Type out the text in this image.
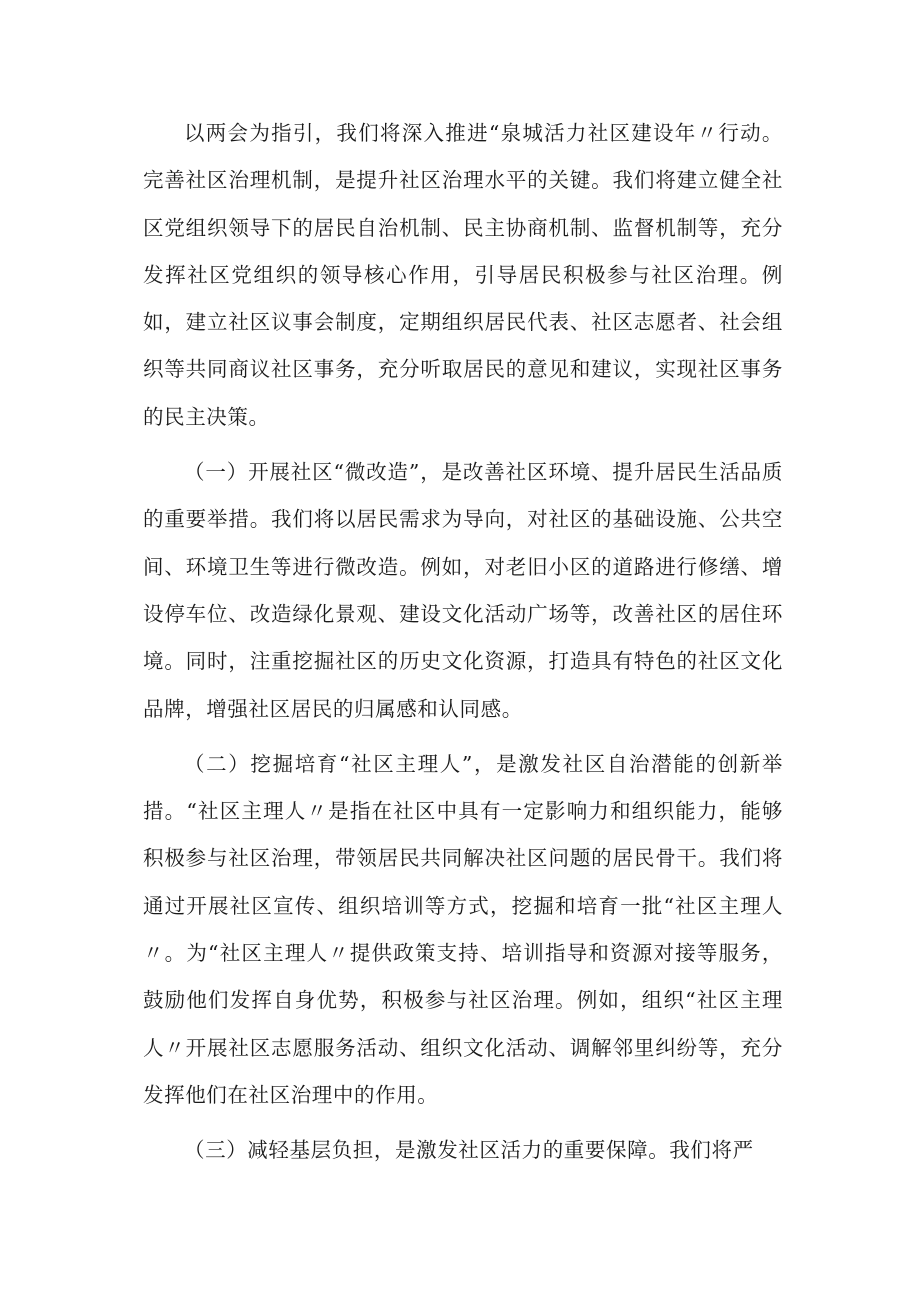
以两会为指引，我们将深入推进“泉城活力社区建设年〃行动。完善社区治理机制，是提升社区治理水平的关键。我们将建立健全社区党组织领导下的居民自治机制、民主协商机制、监督机制等，充分发挥社区党组织的领导核心作用，引导居民积极参与社区治理。例如，建立社区议事会制度，定期组织居民代表、社区志愿者、社会组织等共同商议社区事务，充分听取居民的意见和建议，实现社区事务的民主决策。

（一）开展社区“微改造”，是改善社区环境、提升居民生活品质的重要举措。我们将以居民需求为导向，对社区的基础设施、公共空间、环境卫生等进行微改造。例如，对老旧小区的道路进行修缮、增设停车位、改造绿化景观、建设文化活动广场等，改善社区的居住环境。同时，注重挖掘社区的历史文化资源，打造具有特色的社区文化品牌，增强社区居民的归属感和认同感。

（二）挖掘培育“社区主理人”，是激发社区自治潜能的创新举措。“社区主理人〃是指在社区中具有一定影响力和组织能力，能够积极参与社区治理，带领居民共同解决社区问题的居民骨干。我们将通过开展社区宣传、组织培训等方式，挖掘和培育一批“社区主理人〃。为“社区主理人〃提供政策支持、培训指导和资源对接等服务，鼓励他们发挥自身优势，积极参与社区治理。例如，组织“社区主理人〃开展社区志愿服务活动、组织文化活动、调解邻里纠纷等，充分发挥他们在社区治理中的作用。

（三）减轻基层负担，是激发社区活力的重要保障。我们将严
